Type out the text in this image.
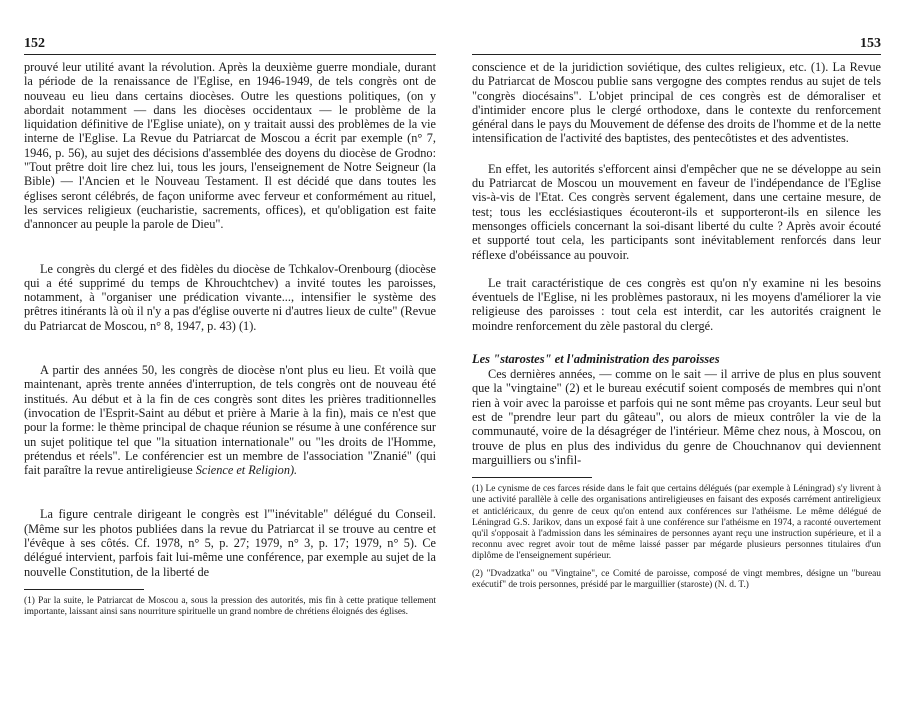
152

prouvé leur utilité avant la révolution. Après la deuxième guerre mondiale, durant la période de la renaissance de l'Eglise, en 1946-1949, de tels congrès ont de nouveau eu lieu dans certains diocèses. Outre les questions politiques, (on y abordait notamment — dans les diocèses occidentaux — le problème de la liquidation définitive de l'Eglise uniate), on y traitait aussi des problèmes de la vie interne de l'Eglise. La Revue du Patriarcat de Moscou a écrit par exemple (n° 7, 1946, p. 56), au sujet des décisions d'assemblée des doyens du diocèse de Grodno: "Tout prêtre doit lire chez lui, tous les jours, l'enseignement de Notre Seigneur (la Bible) — l'Ancien et le Nouveau Testament. Il est décidé que dans toutes les églises seront célébrés, de façon uniforme avec ferveur et conformément au rituel, les services religieux (eucharistie, sacrements, offices), et qu'obligation est faite d'annoncer au peuple la parole de Dieu".

Le congrès du clergé et des fidèles du diocèse de Tchkalov-Orenbourg (diocèse qui a été supprimé du temps de Khrouchtchev) a invité toutes les paroisses, notamment, à "organiser une prédication vivante..., intensifier le système des prêtres itinérants là où il n'y a pas d'église ouverte ni d'autres lieux de culte" (Revue du Patriarcat de Moscou, n° 8, 1947, p. 43) (1).

A partir des années 50, les congrès de diocèse n'ont plus eu lieu. Et voilà que maintenant, après trente années d'interruption, de tels congrès ont de nouveau été institués. Au début et à la fin de ces congrès sont dites les prières traditionnelles (invocation de l'Esprit-Saint au début et prière à Marie à la fin), mais ce n'est que pour la forme: le thème principal de chaque réunion se résume à une conférence sur un sujet politique tel que "la situation internationale" ou "les droits de l'Homme, prétendus et réels". Le conférencier est un membre de l'association "Znanié" (qui fait paraître la revue antireligieuse Science et Religion).

La figure centrale dirigeant le congrès est l'"inévitable" délégué du Conseil. (Même sur les photos publiées dans la revue du Patriarcat il se trouve au centre et l'évêque à ses côtés. Cf. 1978, n° 5, p. 27; 1979, n° 3, p. 17; 1979, n° 5). Ce délégué intervient, parfois fait lui-même une conférence, par exemple au sujet de la nouvelle Constitution, de la liberté de

(1) Par la suite, le Patriarcat de Moscou a, sous la pression des autorités, mis fin à cette pratique tellement importante, laissant ainsi sans nourriture spirituelle un grand nombre de chrétiens éloignés des églises.

153

conscience et de la juridiction soviétique, des cultes religieux, etc. (1). La Revue du Patriarcat de Moscou publie sans vergogne des comptes rendus au sujet de tels "congrès diocésains". L'objet principal de ces congrès est de démoraliser et d'intimider encore plus le clergé orthodoxe, dans le contexte du renforcement général dans le pays du Mouvement de défense des droits de l'homme et de la nette intensification de l'activité des baptistes, des pentecôtistes et des adventistes.

En effet, les autorités s'efforcent ainsi d'empêcher que ne se développe au sein du Patriarcat de Moscou un mouvement en faveur de l'indépendance de l'Eglise vis-à-vis de l'Etat. Ces congrès servent également, dans une certaine mesure, de test; tous les ecclésiastiques écouteront-ils et supporteront-ils en silence les mensonges officiels concernant la soi-disant liberté du culte ? Après avoir écouté et supporté tout cela, les participants sont inévitablement renforcés dans leur réflexe d'obéissance au pouvoir.

Le trait caractéristique de ces congrès est qu'on n'y examine ni les besoins éventuels de l'Eglise, ni les problèmes pastoraux, ni les moyens d'améliorer la vie religieuse des paroisses : tout cela est interdit, car les autorités craignent le moindre renforcement du zèle pastoral du clergé.

Les "starostes" et l'administration des paroisses

Ces dernières années, — comme on le sait — il arrive de plus en plus souvent que la "vingtaine" (2) et le bureau exécutif soient composés de membres qui n'ont rien à voir avec la paroisse et parfois qui ne sont même pas croyants. Leur seul but est de "prendre leur part du gâteau", ou alors de mieux contrôler la vie de la communauté, voire de la désagréger de l'intérieur. Même chez nous, à Moscou, on trouve de plus en plus des individus du genre de Chouchnanov qui deviennent marguilliers ou s'infil-

(1) Le cynisme de ces farces réside dans le fait que certains délégués (par exemple à Léningrad) s'y livrent à une activité parallèle à celle des organisations antireligieuses en faisant des exposés carrément antireligieux et anticléricaux, du genre de ceux qu'on entend aux conférences sur l'athéisme. Le même délégué de Léningrad G.S. Jarikov, dans un exposé fait à une conférence sur l'athéisme en 1974, a raconté ouvertement qu'il s'opposait à l'admission dans les séminaires de personnes ayant reçu une instruction supérieure, et il a reconnu avec regret avoir tout de même laissé passer par mégarde plusieurs personnes titulaires d'un diplôme de l'enseignement supérieur.

(2) "Dvadzatka" ou "Vingtaine", ce Comité de paroisse, composé de vingt membres, désigne un "bureau exécutif" de trois personnes, présidé par le marguillier (staroste) (N. d. T.)
